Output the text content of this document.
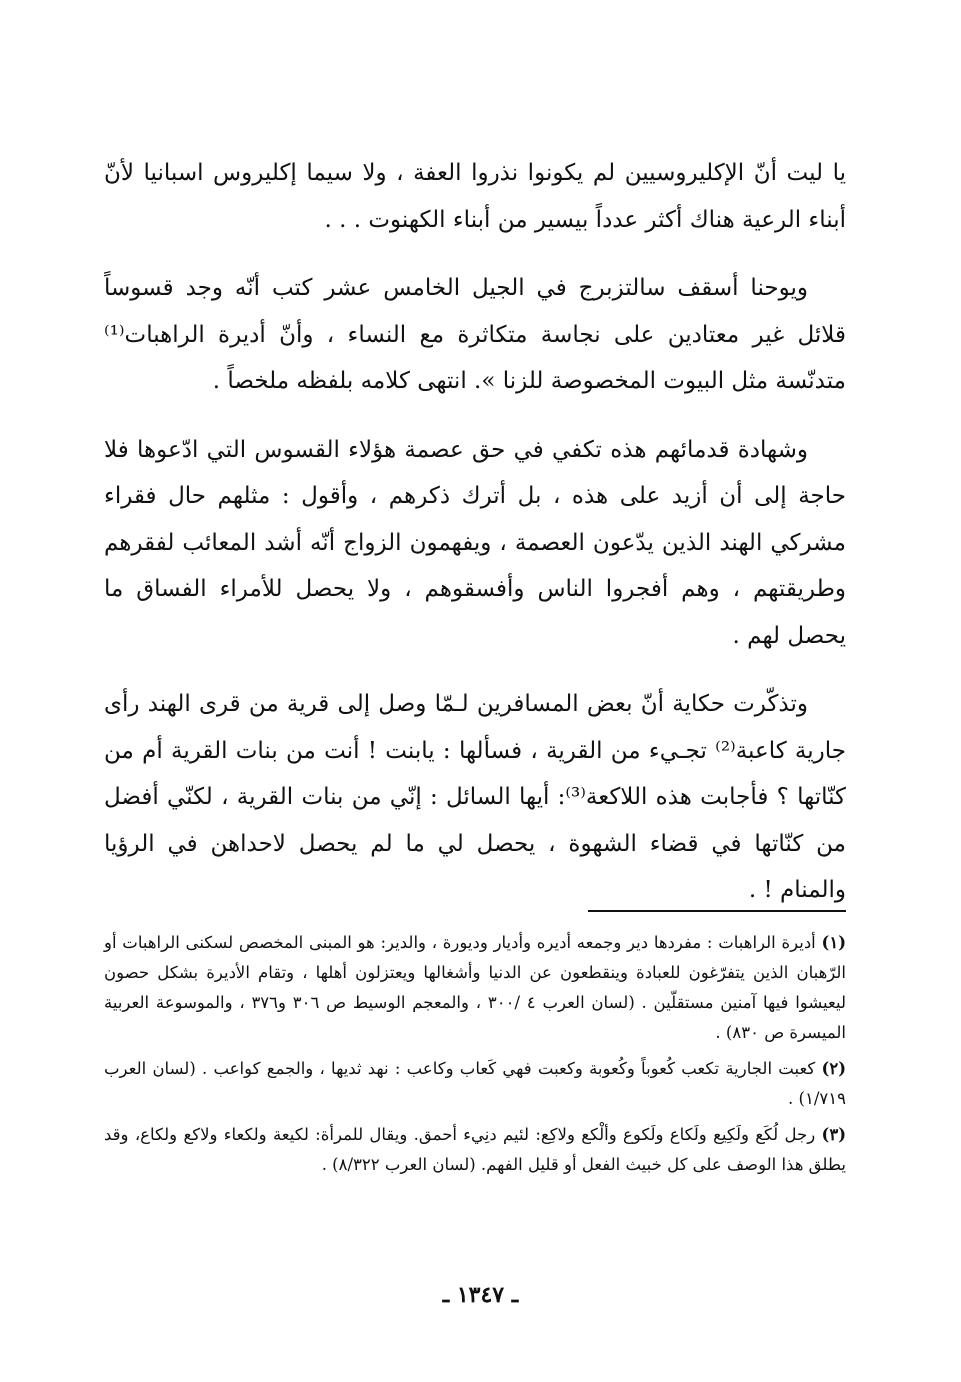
يا ليت أنّ الإكليروسيين لم يكونوا نذروا العفة ، ولا سيما إكليروس اسبانيا لأنّ أبناء الرعية هناك أكثر عدداً بيسير من أبناء الكهنوت . . .

ويوحنا أسقف سالتزبرج في الجيل الخامس عشر كتب أنّه وجد قسوساً قلائل غير معتادين على نجاسة متكاثرة مع النساء ، وأنّ أديرة الراهبات⁽¹⁾ متدنّسة مثل البيوت المخصوصة للزنا ». انتهى كلامه بلفظه ملخصاً .

وشهادة قدمائهم هذه تكفي في حق عصمة هؤلاء القسوس التي ادّعوها فلا حاجة إلى أن أزيد على هذه ، بل أترك ذكرهم ، وأقول : مثلهم حال فقراء مشركي الهند الذين يدّعون العصمة ، ويفهمون الزواج أنّه أشد المعائب لفقرهم وطريقتهم ، وهم أفجروا الناس وأفسقوهم ، ولا يحصل للأمراء الفساق ما يحصل لهم .

وتذكّرت حكاية أنّ بعض المسافرين لـمّا وصل إلى قرية من قرى الهند رأى جارية كاعبة⁽²⁾ تجـيء من القرية ، فسألها : يابنت ! أنت من بنات القرية أم من كنّاتها ؟ فأجابت هذه اللاكعة⁽³⁾: أيها السائل : إنّي من بنات القرية ، لكنّي أفضل من كنّاتها في قضاء الشهوة ، يحصل لي ما لم يحصل لاحداهن في الرؤيا والمنام ! .

(١) أديرة الراهبات : مفردها دير وجمعه أديره وأديار وديورة ، والدير: هو المبنى المخصص لسكنى الراهبات أو الرّهبان الذين يتفرّغون للعبادة وينقطعون عن الدنيا وأشغالها ويعتزلون أهلها ، وتقام الأديرة بشكل حصون ليعيشوا فيها آمنين مستقلّين . (لسان العرب ٤ /٣٠٠ ، والمعجم الوسيط ص ٣٠٦ و٣٧٦ ، والموسوعة العربية الميسرة ص ٨٣٠) .

(٢) كعبت الجارية تكعب كُعوباً وكُعوبة وكعبت فهي كَعاب وكاعب : نهد ثديها ، والجمع كواعب . (لسان العرب ١/٧١٩) .

(٣) رجل لُكَع ولَكِيع ولَكاع ولَكوع وألْكع ولاكِع: لئيم دنِيء أحمق. ويقال للمرأة: لكيعة ولكعاء ولاكع ولكاع، وقد يطلق هذا الوصف على كل خبيث الفعل أو قليل الفهم. (لسان العرب ٨/٣٢٢) .

ـ ١٣٤٧ ـ
